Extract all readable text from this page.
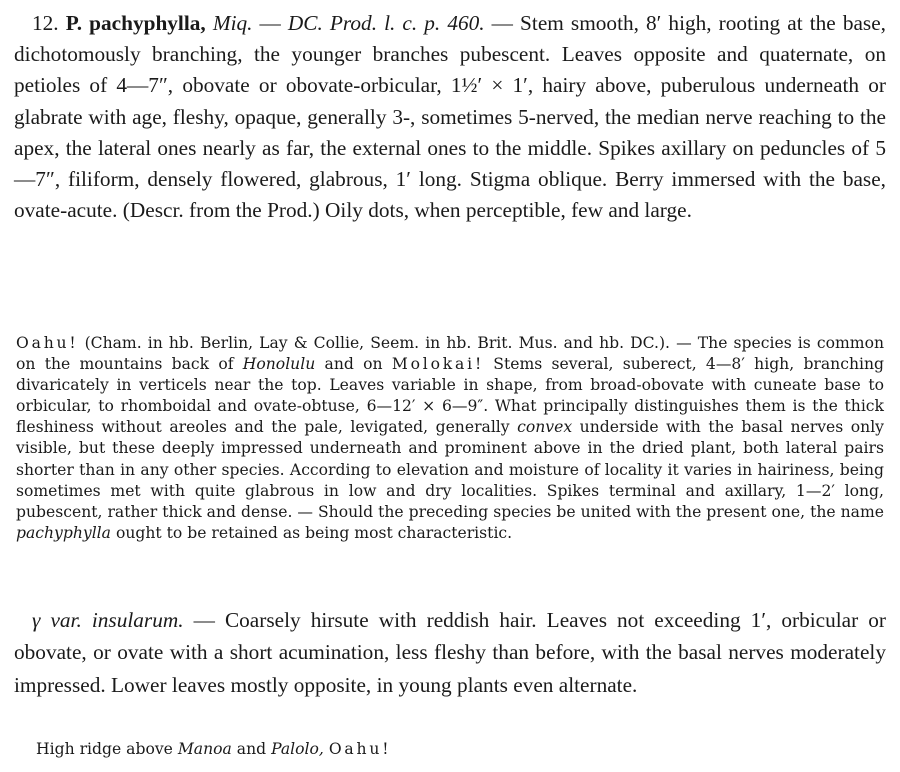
12. P. pachyphylla, Miq. — DC. Prod. l. c. p. 460. — Stem smooth, 8′ high, rooting at the base, dichotomously branching, the younger branches pubescent. Leaves opposite and quaternate, on petioles of 4—7″, obovate or obovate-orbicular, 1½′ × 1′, hairy above, puberulous underneath or glabrate with age, fleshy, opaque, generally 3-, sometimes 5-nerved, the median nerve reaching to the apex, the lateral ones nearly as far, the external ones to the middle. Spikes axillary on peduncles of 5—7″, filiform, densely flowered, glabrous, 1′ long. Stigma oblique. Berry immersed with the base, ovate-acute. (Descr. from the Prod.) Oily dots, when perceptible, few and large.

Oahu! (Cham. in hb. Berlin, Lay & Collie, Seem. in hb. Brit. Mus. and hb. DC.). — The species is common on the mountains back of Honolulu and on Molokai! Stems several, suberect, 4—8′ high, branching divaricately in verticels near the top. Leaves variable in shape, from broad-obovate with cuneate base to orbicular, to rhomboidal and ovate-obtuse, 6—12′ × 6—9″. What principally distinguishes them is the thick fleshiness without areoles and the pale, levigated, generally convex underside with the basal nerves only visible, but these deeply impressed underneath and prominent above in the dried plant, both lateral pairs shorter than in any other species. According to elevation and moisture of locality it varies in hairiness, being sometimes met with quite glabrous in low and dry localities. Spikes terminal and axillary, 1—2′ long, pubescent, rather thick and dense. — Should the preceding species be united with the present one, the name pachyphylla ought to be retained as being most characteristic.

γ var. insularum. — Coarsely hirsute with reddish hair. Leaves not exceeding 1′, orbicular or obovate, or ovate with a short acumination, less fleshy than before, with the basal nerves moderately impressed. Lower leaves mostly opposite, in young plants even alternate.

High ridge above Manoa and Palolo, Oahu!
